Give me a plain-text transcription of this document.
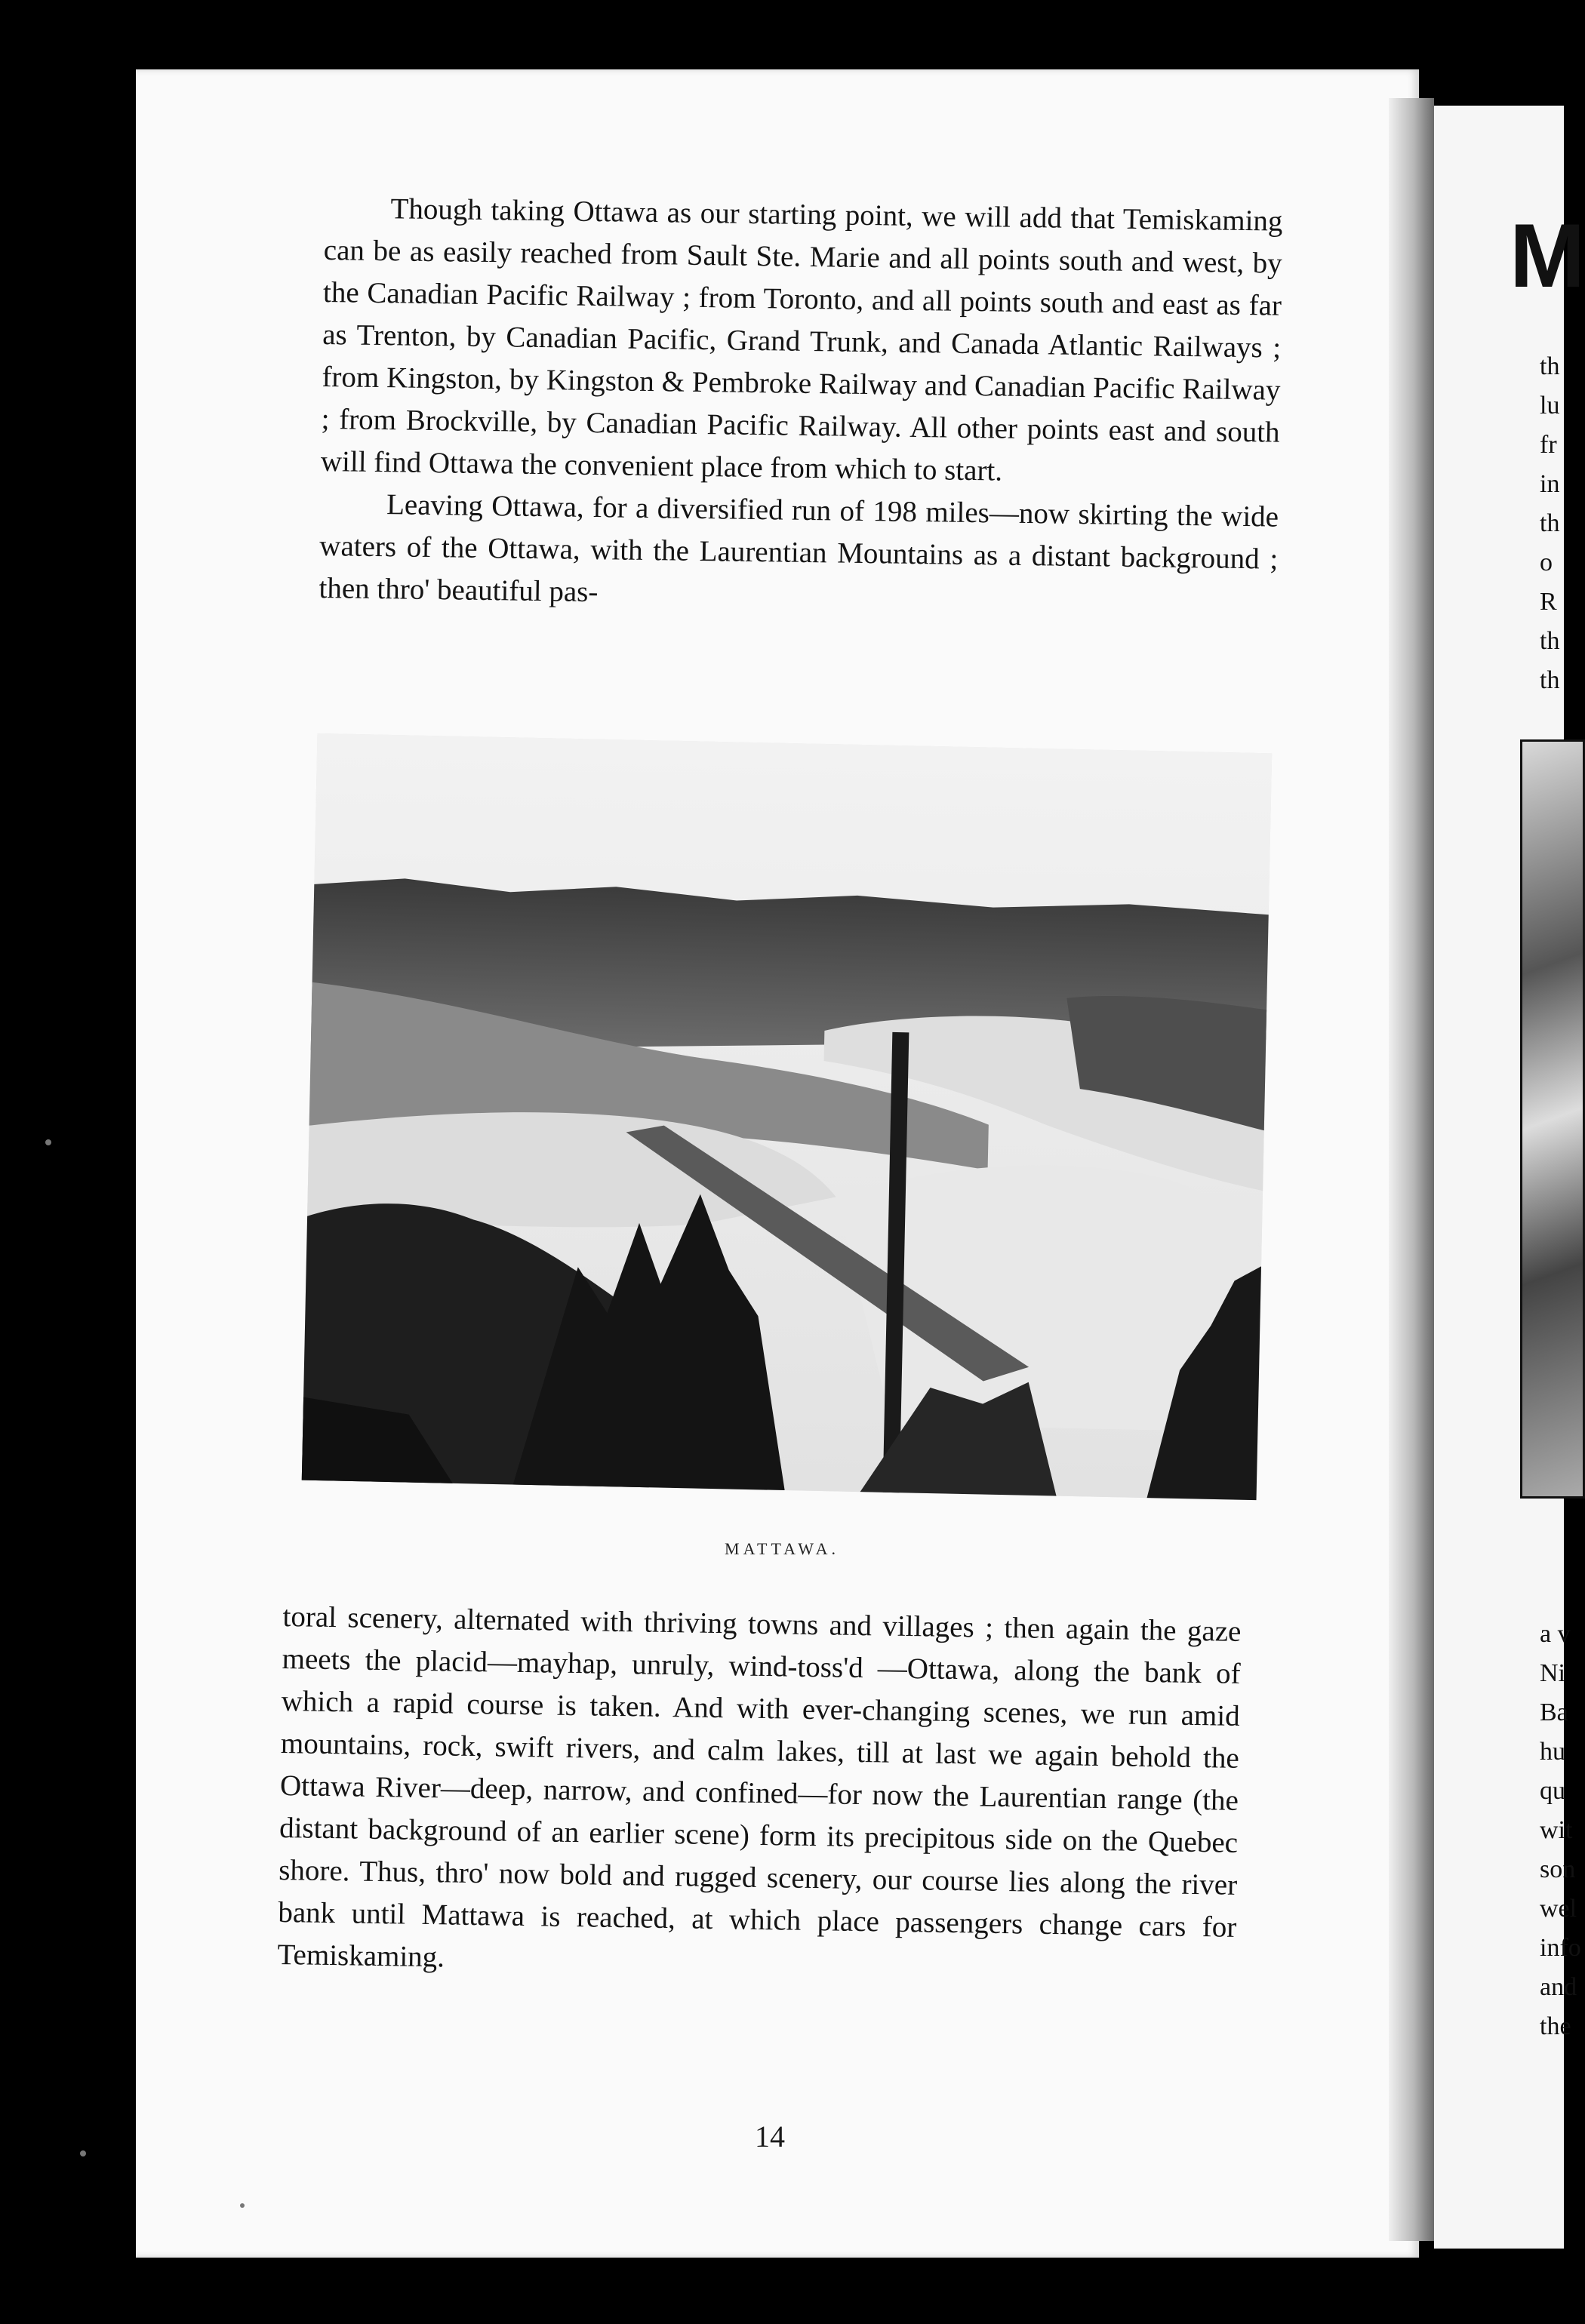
M
th
lu
fr
in
th
o
R
th
th
a v
Ni
Ba
hu
qu
wit
son
wel
info
and
the

Though taking Ottawa as our starting point, we will add that Temiskaming can be as easily reached from Sault Ste. Marie and all points south and west, by the Canadian Pacific Railway ; from Toronto, and all points south and east as far as Trenton, by Canadian Pacific, Grand Trunk, and Canada Atlantic Railways ; from Kingston, by Kingston & Pembroke Railway and Canadian Pacific Railway ; from Brockville, by Canadian Pacific Railway. All other points east and south will find Ottawa the convenient place from which to start.

Leaving Ottawa, for a diversified run of 198 miles—now skirting the wide waters of the Ottawa, with the Laurentian Mountains as a distant background ; then thro' beautiful pas-

MATTAWA.

toral scenery, alternated with thriving towns and villages ; then again the gaze meets the placid—mayhap, unruly, wind-toss'd —Ottawa, along the bank of which a rapid course is taken. And with ever-changing scenes, we run amid mountains, rock, swift rivers, and calm lakes, till at last we again behold the Ottawa River—deep, narrow, and confined—for now the Laurentian range (the distant background of an earlier scene) form its precipitous side on the Quebec shore. Thus, thro' now bold and rugged scenery, our course lies along the river bank until Mattawa is reached, at which place passengers change cars for Temiskaming.

14
